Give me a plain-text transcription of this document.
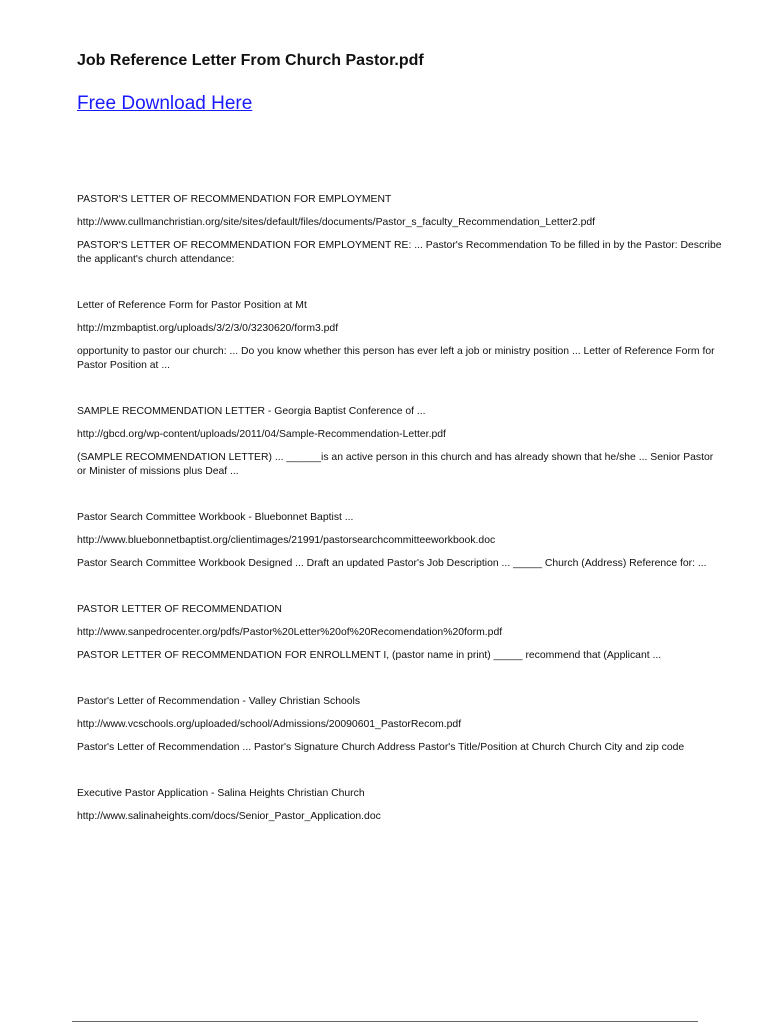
Job Reference Letter From Church Pastor.pdf
Free Download Here

PASTOR'S LETTER OF RECOMMENDATION FOR EMPLOYMENT

http://www.cullmanchristian.org/site/sites/default/files/documents/Pastor_s_faculty_Recommendation_Letter2.pdf

PASTOR'S LETTER OF RECOMMENDATION FOR EMPLOYMENT RE: ... Pastor's Recommendation To be filled in by the Pastor: Describe the applicant's church attendance:

Letter of Reference Form for Pastor Position at Mt

http://mzmbaptist.org/uploads/3/2/3/0/3230620/form3.pdf

opportunity to pastor our church: ... Do you know whether this person has ever left a job or ministry position ... Letter of Reference Form for Pastor Position at ...

SAMPLE RECOMMENDATION LETTER - Georgia Baptist Conference of ...

http://gbcd.org/wp-content/uploads/2011/04/Sample-Recommendation-Letter.pdf

(SAMPLE RECOMMENDATION LETTER) ... ______is an active person in this church and has already shown that he/she ... Senior Pastor or Minister of missions plus Deaf ...

Pastor Search Committee Workbook - Bluebonnet Baptist ...

http://www.bluebonnetbaptist.org/clientimages/21991/pastorsearchcommitteeworkbook.doc

Pastor Search Committee Workbook Designed ... Draft an updated Pastor's Job Description ... _____ Church (Address) Reference for: ...

PASTOR LETTER OF RECOMMENDATION

http://www.sanpedrocenter.org/pdfs/Pastor%20Letter%20of%20Recomendation%20form.pdf

PASTOR LETTER OF RECOMMENDATION FOR ENROLLMENT I, (pastor name in print) _____ recommend that (Applicant ...

Pastor's Letter of Recommendation - Valley Christian Schools

http://www.vcschools.org/uploaded/school/Admissions/20090601_PastorRecom.pdf

Pastor's Letter of Recommendation ... Pastor's Signature Church Address Pastor's Title/Position at Church Church City and zip code

Executive Pastor Application - Salina Heights Christian Church

http://www.salinaheights.com/docs/Senior_Pastor_Application.doc
